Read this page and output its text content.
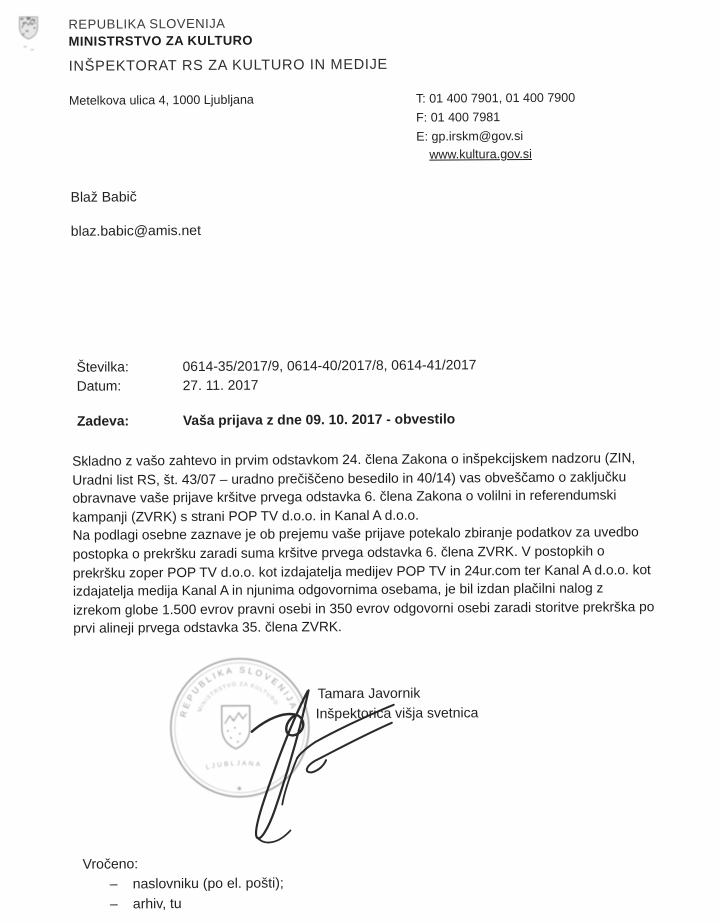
REPUBLIKA SLOVENIJA
MINISTRSTVO ZA KULTURO
INŠPEKTORAT RS ZA KULTURO IN MEDIJE
Metelkova ulica 4, 1000 Ljubljana	T: 01 400 7901, 01 400 7900
F: 01 400 7981
E: gp.irskm@gov.si
www.kultura.gov.si
Blaž Babič
blaz.babic@amis.net
Številka:	0614-35/2017/9, 0614-40/2017/8, 0614-41/2017
Datum:	27. 11. 2017
Zadeva:	Vaša prijava z dne 09. 10. 2017 - obvestilo
Skladno z vašo zahtevo in prvim odstavkom 24. člena Zakona o inšpekcijskem nadzoru (ZIN,
Uradni list RS, št. 43/07 – uradno prečiščeno besedilo in 40/14) vas obveščamo o zaključku
obravnave vaše prijave kršitve prvega odstavka 6. člena Zakona o volilni in referendumski
kampanji (ZVRK) s strani POP TV d.o.o. in Kanal A d.o.o.
Na podlagi osebne zaznave je ob prejemu vaše prijave potekalo zbiranje podatkov za uvedbo
postopka o prekršku zaradi suma kršitve prvega odstavka 6. člena ZVRK. V postopkih o
prekršku zoper POP TV d.o.o. kot izdajatelja medijev POP TV in 24ur.com ter Kanal A d.o.o. kot
izdajatelja medija Kanal A in njunima odgovornima osebama, je bil izdan plačilni nalog z
izrekom globe 1.500 evrov pravni osebi in 350 evrov odgovorni osebi zaradi storitve prekrška po
prvi alineji prvega odstavka 35. člena ZVRK.
Tamara Javornik
Inšpektorica višja svetnica
Vročeno:
–	naslovniku (po el. pošti);
–	arhiv, tu
REPUBLIKA SLOVENIJA
MINISTRSTVO ZA KULTURO
LJUBLJANA
★
